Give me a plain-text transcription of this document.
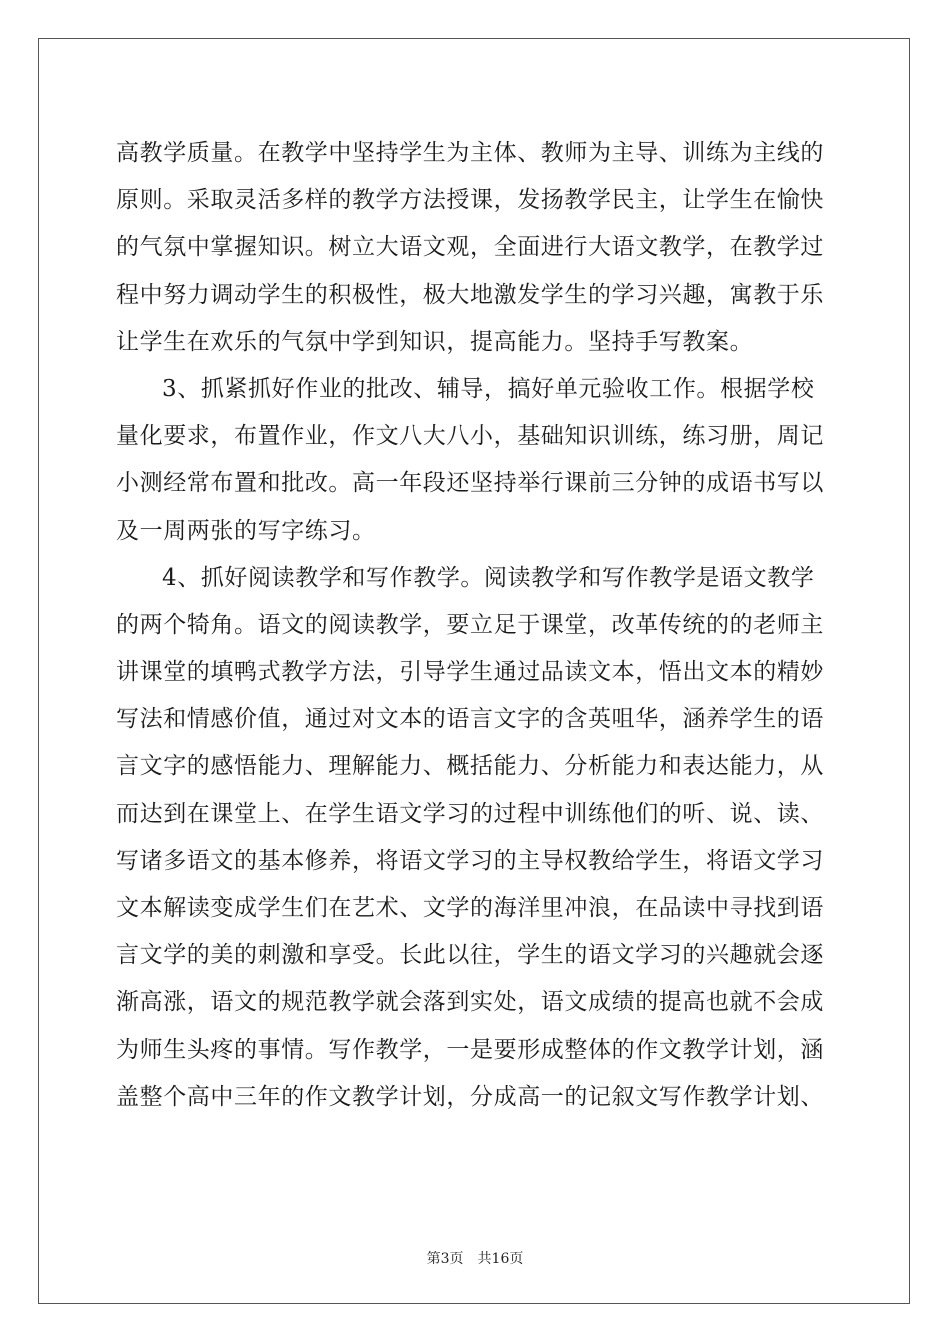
高教学质量。在教学中坚持学生为主体、教师为主导、训练为主线的
原则。采取灵活多样的教学方法授课，发扬教学民主，让学生在愉快
的气氛中掌握知识。树立大语文观，全面进行大语文教学，在教学过
程中努力调动学生的积极性，极大地激发学生的学习兴趣，寓教于乐
让学生在欢乐的气氛中学到知识，提高能力。坚持手写教案。
3、抓紧抓好作业的批改、辅导，搞好单元验收工作。根据学校
量化要求，布置作业，作文八大八小，基础知识训练，练习册，周记
小测经常布置和批改。高一年段还坚持举行课前三分钟的成语书写以
及一周两张的写字练习。
4、抓好阅读教学和写作教学。阅读教学和写作教学是语文教学
的两个犄角。语文的阅读教学，要立足于课堂，改革传统的的老师主
讲课堂的填鸭式教学方法，引导学生通过品读文本，悟出文本的精妙
写法和情感价值，通过对文本的语言文字的含英咀华，涵养学生的语
言文字的感悟能力、理解能力、概括能力、分析能力和表达能力，从
而达到在课堂上、在学生语文学习的过程中训练他们的听、说、读、
写诸多语文的基本修养，将语文学习的主导权教给学生，将语文学习
文本解读变成学生们在艺术、文学的海洋里冲浪，在品读中寻找到语
言文学的美的刺激和享受。长此以往，学生的语文学习的兴趣就会逐
渐高涨，语文的规范教学就会落到实处，语文成绩的提高也就不会成
为师生头疼的事情。写作教学，一是要形成整体的作文教学计划，涵
盖整个高中三年的作文教学计划，分成高一的记叙文写作教学计划、
第3页 共16页
